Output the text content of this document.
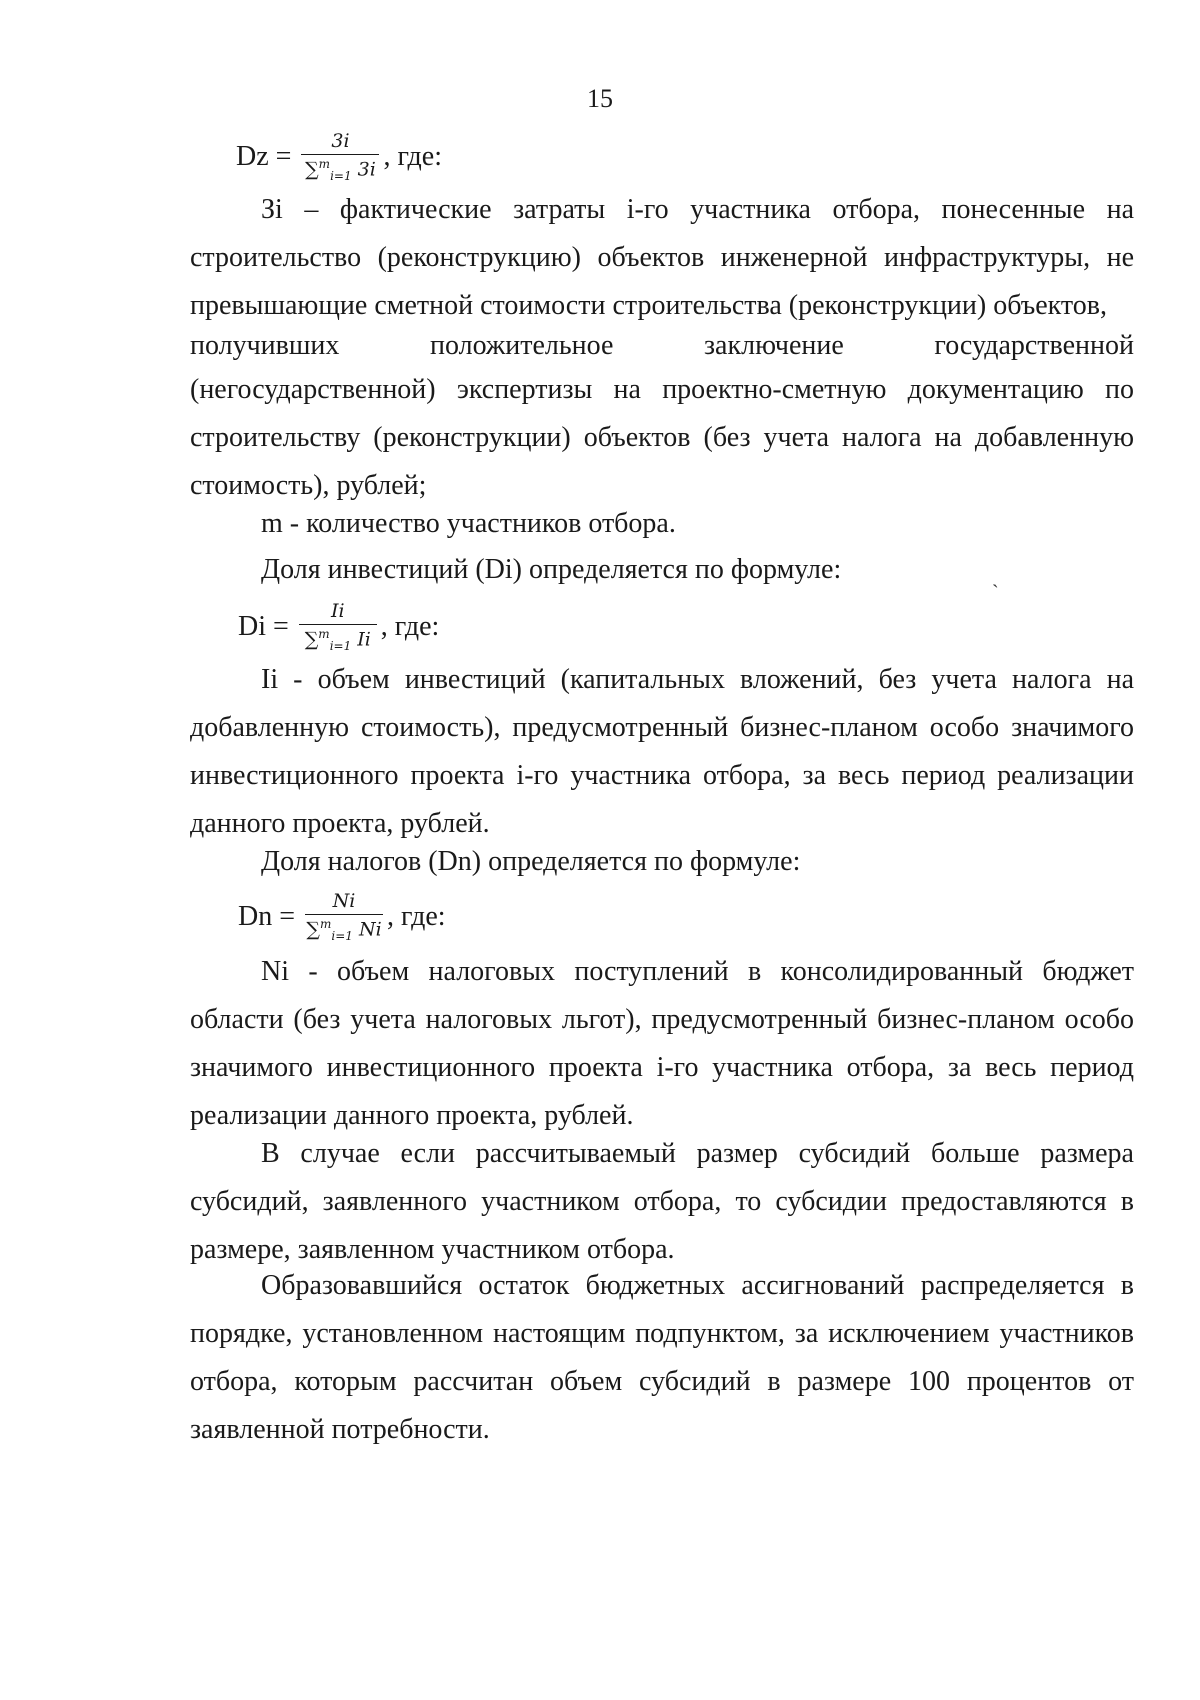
15
$Dz = \frac{3i}{\sum^m_{i=1} 3i}$ , где:

Зi – фактические затраты i-го участника отбора, понесенные на строительство (реконструкцию) объектов инженерной инфраструктуры, не превышающие сметной стоимости строительства (реконструкции) объектов,

получивших	положительное	заключение	государственной

(негосударственной) экспертизы на проектно-сметную документацию по строительству (реконструкции) объектов (без учета налога на добавленную стоимость), рублей;

m - количество участников отбора.

Доля инвестиций (Di) определяется по формуле:	ˏ
$Di = \frac{Ii}{\sum^m_{i=1} Ii}$ , где:

Ii - объем инвестиций (капитальных вложений, без учета налога на добавленную стоимость), предусмотренный бизнес-планом особо значимого инвестиционного проекта i-го участника отбора, за весь период реализации данного проекта, рублей.

Доля налогов (Dn) определяется по формуле:

$Dn = \frac{Ni}{\sum^m_{i=1} Ni}$ , где:

Ni - объем налоговых поступлений в консолидированный бюджет области (без учета налоговых льгот), предусмотренный бизнес-планом особо значимого инвестиционного проекта i-го участника отбора, за весь период реализации данного проекта, рублей.

В случае если рассчитываемый размер субсидий больше размера субсидий, заявленного участником отбора, то субсидии предоставляются в размере, заявленном участником отбора.

Образовавшийся остаток бюджетных ассигнований распределяется в порядке, установленном настоящим подпунктом, за исключением участников отбора, которым рассчитан объем субсидий в размере 100 процентов от заявленной потребности.
